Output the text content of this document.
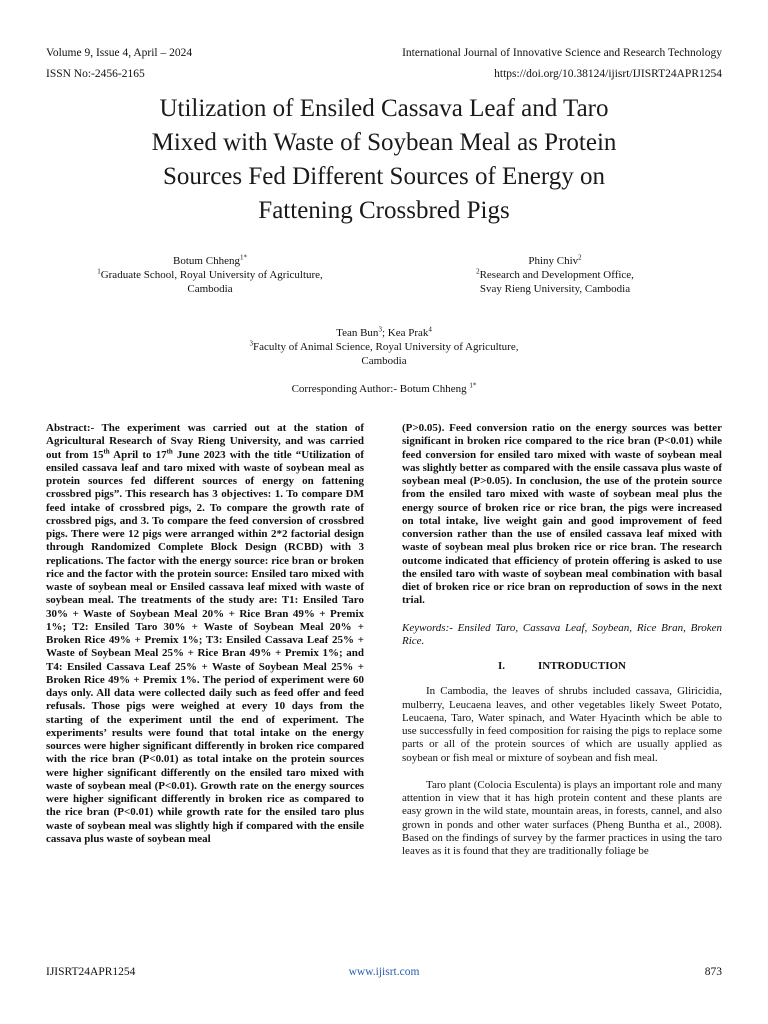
Volume 9, Issue 4, April – 2024
ISSN No:-2456-2165
International Journal of Innovative Science and Research Technology
https://doi.org/10.38124/ijisrt/IJISRT24APR1254
Utilization of Ensiled Cassava Leaf and Taro
Mixed with Waste of Soybean Meal as Protein
Sources Fed Different Sources of Energy on
Fattening Crossbred Pigs
Botum Chheng$^{1*}$
$^1$Graduate School, Royal University of Agriculture,
Cambodia
Phiny Chiv$^2$
$^2$Research and Development Office,
Svay Rieng University, Cambodia
Tean Bun$^3$; Kea Prak$^4$
$^3$Faculty of Animal Science, Royal University of Agriculture,
Cambodia
Corresponding Author:- Botum Chheng $^{1*}$

Abstract:- The experiment was carried out at the station of Agricultural Research of Svay Rieng University, and was carried out from 15th April to 17th June 2023 with the title “Utilization of ensiled cassava leaf and taro mixed with waste of soybean meal as protein sources fed different sources of energy on fattening crossbred pigs”. This research has 3 objectives: 1. To compare DM feed intake of crossbred pigs, 2. To compare the growth rate of crossbred pigs, and 3. To compare the feed conversion of crossbred pigs. There were 12 pigs were arranged within 2*2 factorial design through Randomized Complete Block Design (RCBD) with 3 replications. The factor with the energy source: rice bran or broken rice and the factor with the protein source: Ensiled taro mixed with waste of soybean meal or Ensiled cassava leaf mixed with waste of soybean meal. The treatments of the study are: T1: Ensiled Taro 30% + Waste of Soybean Meal 20% + Rice Bran 49% + Premix 1%; T2: Ensiled Taro 30% + Waste of Soybean Meal 20% + Broken Rice 49% + Premix 1%; T3: Ensiled Cassava Leaf 25% + Waste of Soybean Meal 25% + Rice Bran 49% + Premix 1%; and T4: Ensiled Cassava Leaf 25% + Waste of Soybean Meal 25% + Broken Rice 49% + Premix 1%. The period of experiment were 60 days only. All data were collected daily such as feed offer and feed refusals. Those pigs were weighed at every 10 days from the starting of the experiment until the end of experiment. The experiments’ results were found that total intake on the energy sources were higher significant differently in broken rice compared with the rice bran (P<0.01) as total intake on the protein sources were higher significant differently on the ensiled taro mixed with waste of soybean meal (P<0.01). Growth rate on the energy sources were higher significant differently in broken rice as compared to the rice bran (P<0.01) while growth rate for the ensiled taro plus waste of soybean meal was slightly high if compared with the ensile cassava plus waste of soybean meal

(P>0.05). Feed conversion ratio on the energy sources was better significant in broken rice compared to the rice bran (P<0.01) while feed conversion for ensiled taro mixed with waste of soybean meal was slightly better as compared with the ensile cassava plus waste of soybean meal (P>0.05). In conclusion, the use of the protein source from the ensiled taro mixed with waste of soybean meal plus the energy source of broken rice or rice bran, the pigs were increased on total intake, live weight gain and good improvement of feed conversion rather than the use of ensiled cassava leaf mixed with waste of soybean meal plus broken rice or rice bran. The research outcome indicated that efficiency of protein offering is asked to use the ensiled taro with waste of soybean meal combination with basal diet of broken rice or rice bran on reproduction of sows in the next trial.

Keywords:- Ensiled Taro, Cassava Leaf, Soybean, Rice Bran, Broken Rice.

I.	INTRODUCTION

In Cambodia, the leaves of shrubs included cassava, Gliricidia, mulberry, Leucaena leaves, and other vegetables likely Sweet Potato, Leucaena, Taro, Water spinach, and Water Hyacinth which be able to use successfully in feed composition for raising the pigs to replace some parts or all of the protein sources of which are usually applied as soybean or fish meal or mixture of soybean and fish meal.

Taro plant (Colocia Esculenta) is plays an important role and many attention in view that it has high protein content and these plants are easy grown in the wild state, mountain areas, in forests, cannel, and also grown in ponds and other water surfaces (Pheng Buntha et al., 2008). Based on the findings of survey by the farmer practices in using the taro leaves as it is found that they are traditionally foliage be

IJISRT24APR1254	www.ijisrt.com	873
